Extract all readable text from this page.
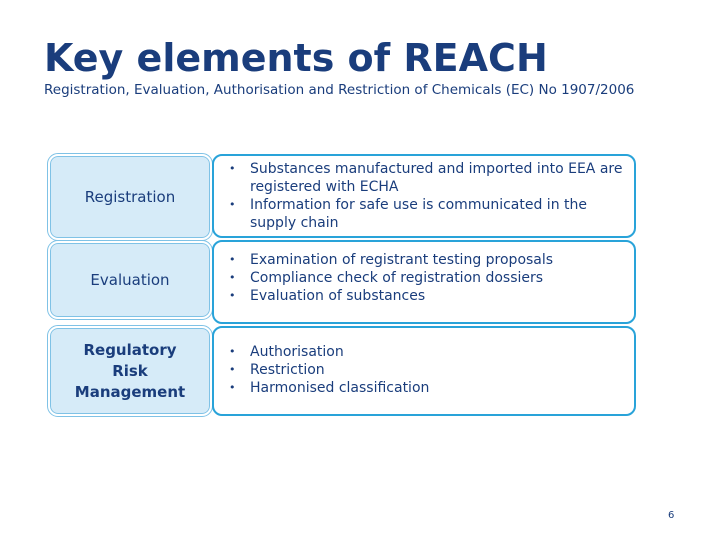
Key elements of REACH

Registration, Evaluation, Authorisation and Restriction of Chemicals (EC) No 1907/2006

Registration
• Substances manufactured and imported into EEA are registered with ECHA
• Information for safe use is communicated in the supply chain
Evaluation
• Examination of registrant testing proposals
• Compliance check of registration dossiers
• Evaluation of substances
Regulatory Risk Management
• Authorisation
• Restriction
• Harmonised classification
6
